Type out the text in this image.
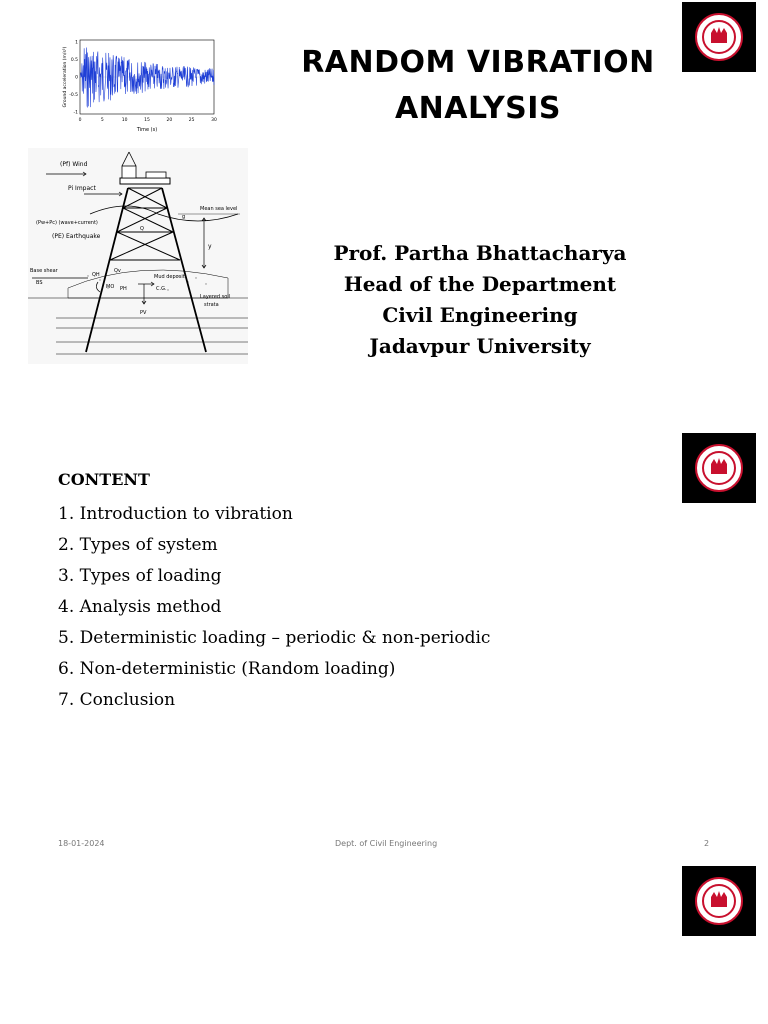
0	5	10	15	20	25	30
1
0.5
0
-0.5
-1
Time (s)
Ground acceleration (m/s²)
(Pf) Wind
Pi Impact
(Pw+Pc) (wave+current)
(PE) Earthquake
Mean sea level
g
Q
y
Base shear
BS
QH
Qv
Mud deposit
MO PH	C.G.
PV
Layered soil
strata
RANDOM VIBRATION
ANALYSIS
Prof. Partha Bhattacharya
Head of the Department
Civil Engineering
Jadavpur University
CONTENT
1. Introduction to vibration
2. Types of system
3. Types of loading
4. Analysis method
5. Deterministic loading – periodic & non-periodic
6. Non-deterministic (Random loading)
7. Conclusion
18-01-2024	Dept. of Civil Engineering	2
